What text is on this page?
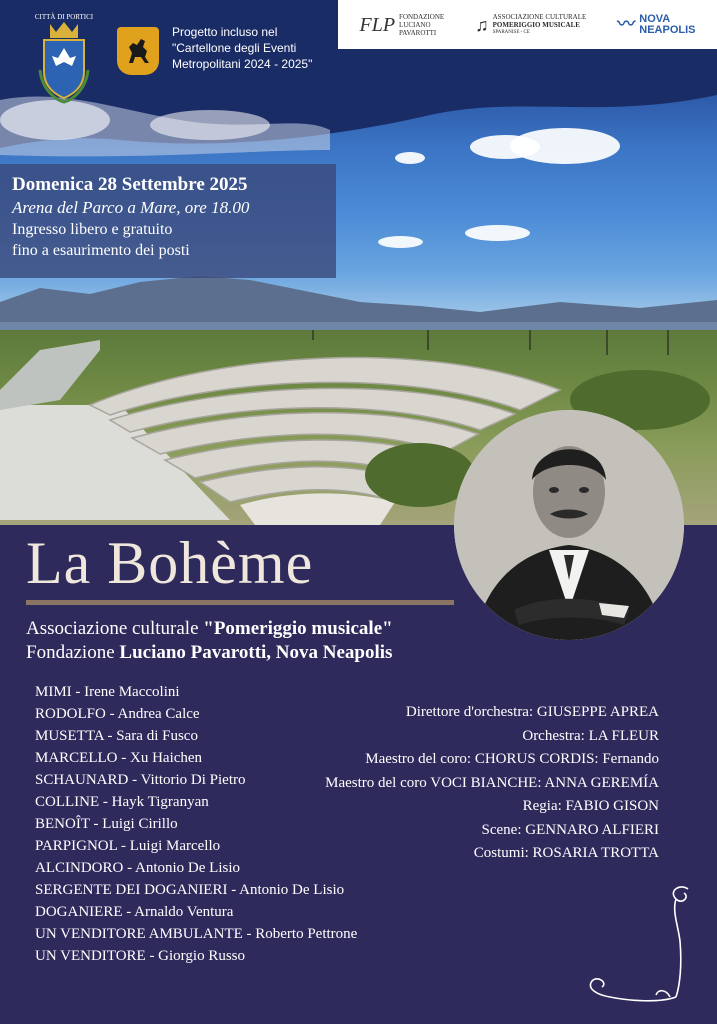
CITTÀ DI PORTICI
Progetto incluso nel
"Cartellone degli Eventi
Metropolitani 2024 - 2025"
FLP FONDAZIONE
LUCIANO
PAVAROTTI	♫ ASSOCIAZIONE CULTURALE
POMERIGGIO MUSICALE
SPARANISE - CE	〰 NOVA
NEAPOLIS
Domenica 28 Settembre 2025
Arena del Parco a Mare, ore 18.00
Ingresso libero e gratuito
fino a esaurimento dei posti
La Bohème
Associazione culturale "Pomeriggio musicale"
Fondazione Luciano Pavarotti, Nova Neapolis
MIMI - Irene Maccolini
RODOLFO - Andrea Calce
MUSETTA - Sara di Fusco
MARCELLO - Xu Haichen
SCHAUNARD - Vittorio Di Pietro
COLLINE - Hayk Tigranyan
BENOÎT - Luigi Cirillo
PARPIGNOL - Luigi Marcello
ALCINDORO - Antonio De Lisio
SERGENTE DEI DOGANIERI - Antonio De Lisio
DOGANIERE - Arnaldo Ventura
UN VENDITORE AMBULANTE - Roberto Pettrone
UN VENDITORE - Giorgio Russo
Direttore d'orchestra: GIUSEPPE APREA
Orchestra: LA FLEUR
Maestro del coro: CHORUS CORDIS: Fernando
Maestro del coro VOCI BIANCHE: ANNA GEREMÍA
Regia: FABIO GISON
Scene: GENNARO ALFIERI
Costumi: ROSARIA TROTTA
